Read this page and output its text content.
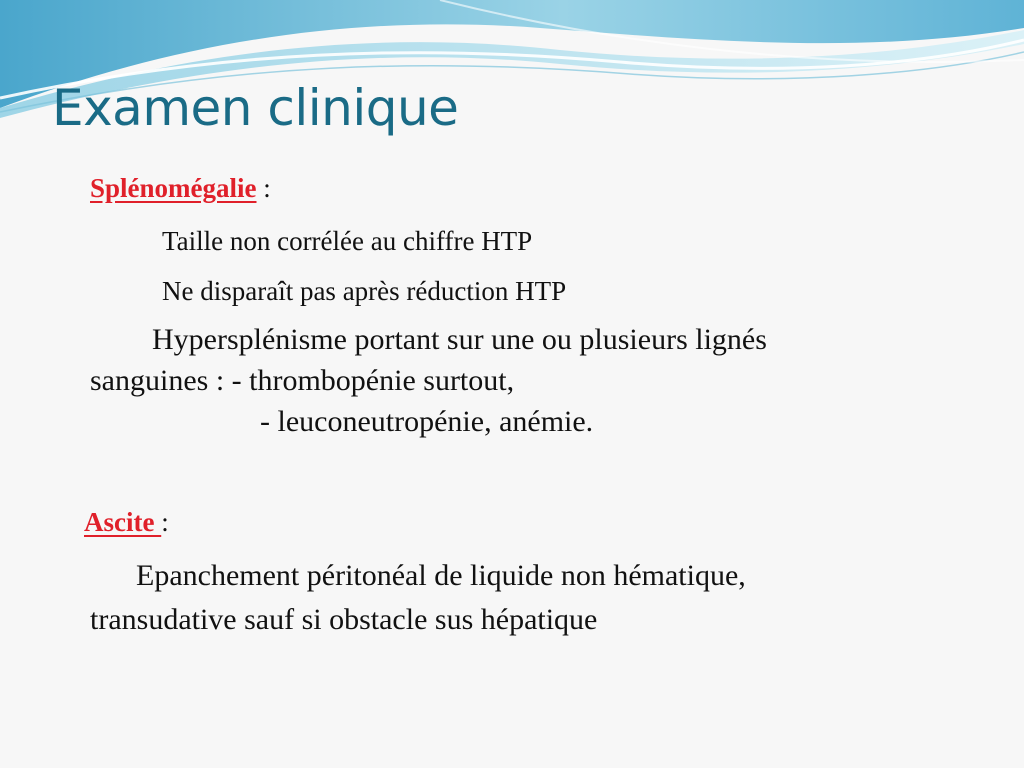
Examen clinique
Splénomégalie :
Taille non corrélée au chiffre HTP
Ne disparaît pas après réduction HTP
Hypersplénisme portant sur une ou plusieurs lignés
sanguines : - thrombopénie surtout,
- leuconeutropénie, anémie.
Ascite :
Epanchement péritonéal de liquide non hématique,
transudative sauf si obstacle sus hépatique
